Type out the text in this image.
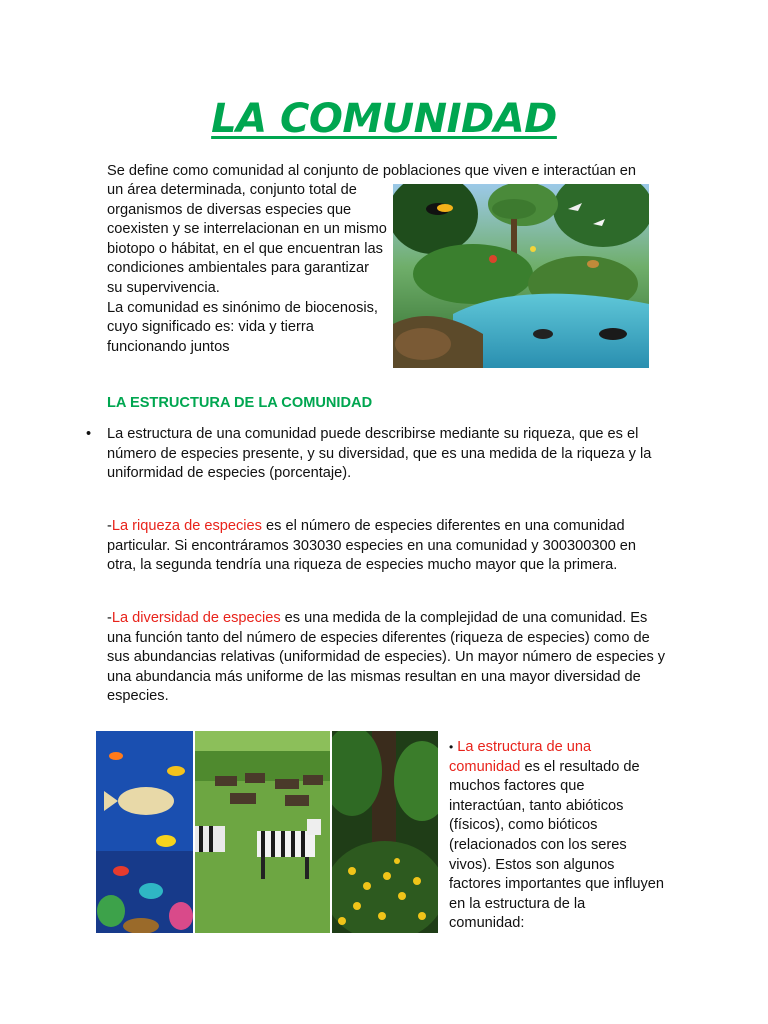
LA COMUNIDAD
Se define como comunidad al conjunto de poblaciones que viven e interactúan en
un área determinada, conjunto total de organismos de diversas especies que coexisten y se interrelacionan en un mismo biotopo o hábitat, en el que encuentran las condiciones ambientales para garantizar su supervivencia.
La comunidad es sinónimo de biocenosis, cuyo significado es: vida y tierra funcionando juntos
LA ESTRUCTURA DE LA COMUNIDAD
• La estructura de una comunidad puede describirse mediante su riqueza, que es el número de especies presente, y su diversidad, que es una medida de la riqueza y la uniformidad de especies (porcentaje).
-La riqueza de especies es el número de especies diferentes en una comunidad particular. Si encontráramos 303030 especies en una comunidad y 300300300 en otra, la segunda tendría una riqueza de especies mucho mayor que la primera.
-La diversidad de especies es una medida de la complejidad de una comunidad. Es una función tanto del número de especies diferentes (riqueza de especies) como de sus abundancias relativas (uniformidad de especies). Un mayor número de especies y una abundancia más uniforme de las mismas resultan en una mayor diversidad de especies.
• La estructura de una comunidad es el resultado de muchos factores que interactúan, tanto abióticos (físicos), como bióticos (relacionados con los seres vivos). Estos son algunos factores importantes que influyen en la estructura de la comunidad:
